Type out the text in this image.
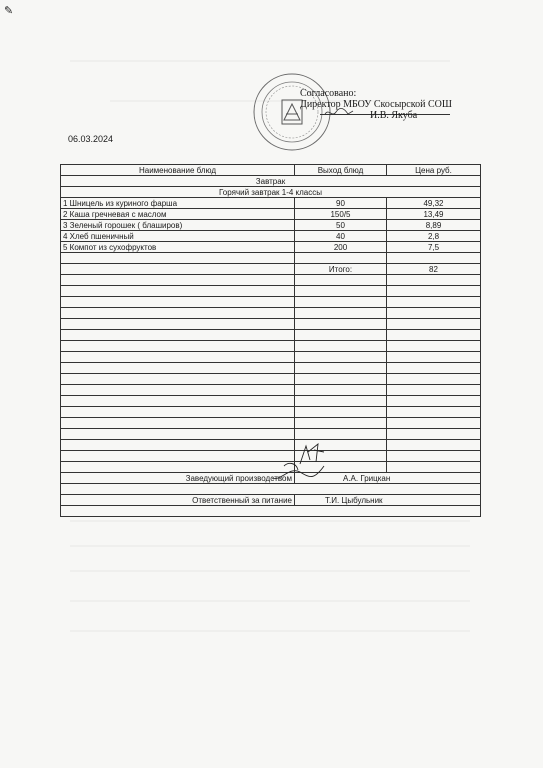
✎
Согласовано:
Директор МБОУ Скосырской СОШ
И.В. Якуба
06.03.2024
Наименование блюд	Выход блюд	Цена руб.
Завтрак		
Горячий завтрак 1-4 классы		
1 Шницель из куриного фарша	90	49,32
2 Каша гречневая с маслом	150/5	13,49
3 Зеленый горошек ( блаширов)	50	8,89
4 Хлеб пшеничный	40	2,8
5 Компот из сухофруктов	200	7,5

	Итого:	82

Заведующий производством	А.А. Грицкан	

Ответственный за питание	Т.И. Цыбульник	
